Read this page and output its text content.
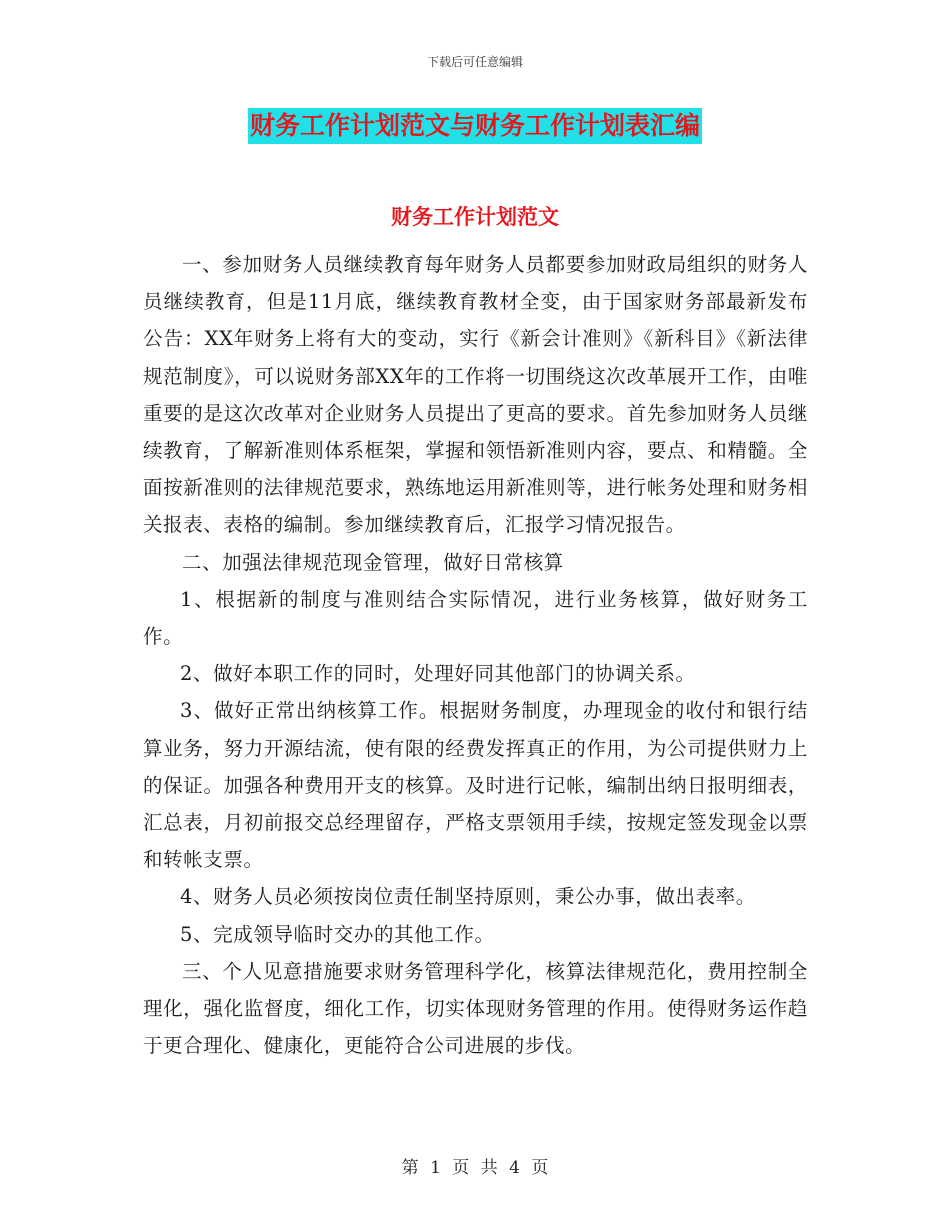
下载后可任意编辑
财务工作计划范文与财务工作计划表汇编
财务工作计划范文

一、参加财务人员继续教育每年财务人员都要参加财政局组织的财务人员继续教育，但是11月底，继续教育教材全变，由于国家财务部最新发布公告：XX年财务上将有大的变动，实行《新会计准则》《新科目》《新法律规范制度》，可以说财务部XX年的工作将一切围绕这次改革展开工作，由唯重要的是这次改革对企业财务人员提出了更高的要求。首先参加财务人员继续教育，了解新准则体系框架，掌握和领悟新准则内容，要点、和精髓。全面按新准则的法律规范要求，熟练地运用新准则等，进行帐务处理和财务相关报表、表格的编制。参加继续教育后，汇报学习情况报告。

二、加强法律规范现金管理，做好日常核算

1、根据新的制度与准则结合实际情况，进行业务核算，做好财务工作。

2、做好本职工作的同时，处理好同其他部门的协调关系。

3、做好正常出纳核算工作。根据财务制度，办理现金的收付和银行结算业务，努力开源结流，使有限的经费发挥真正的作用，为公司提供财力上的保证。加强各种费用开支的核算。及时进行记帐，编制出纳日报明细表，汇总表，月初前报交总经理留存，严格支票领用手续，按规定签发现金以票和转帐支票。

4、财务人员必须按岗位责任制坚持原则，秉公办事，做出表率。

5、完成领导临时交办的其他工作。

三、个人见意措施要求财务管理科学化，核算法律规范化，费用控制全理化，强化监督度，细化工作，切实体现财务管理的作用。使得财务运作趋于更合理化、健康化，更能符合公司进展的步伐。

第 1 页 共 4 页
